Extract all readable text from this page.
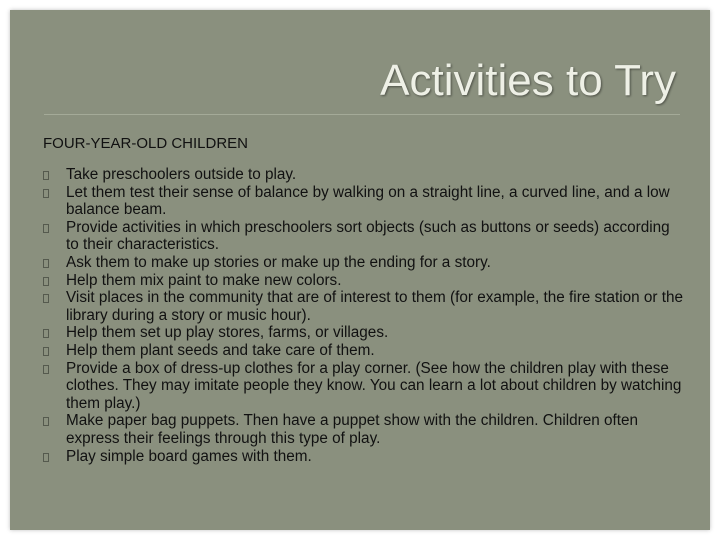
Activities to Try

FOUR-YEAR-OLD CHILDREN

Take preschoolers outside to play.
Let them test their sense of balance by walking on a straight line, a curved line, and a low balance beam.
Provide activities in which preschoolers sort objects (such as buttons or seeds) according to their characteristics.
Ask them to make up stories or make up the ending for a story.
Help them mix paint to make new colors.
Visit places in the community that are of interest to them (for example, the fire station or the library during a story or music hour).
Help them set up play stores, farms, or villages.
Help them plant seeds and take care of them.
Provide a box of dress-up clothes for a play corner. (See how the children play with these clothes. They may imitate people they know. You can learn a lot about children by watching them play.)
Make paper bag puppets. Then have a puppet show with the children. Children often express their feelings through this type of play.
Play simple board games with them.
